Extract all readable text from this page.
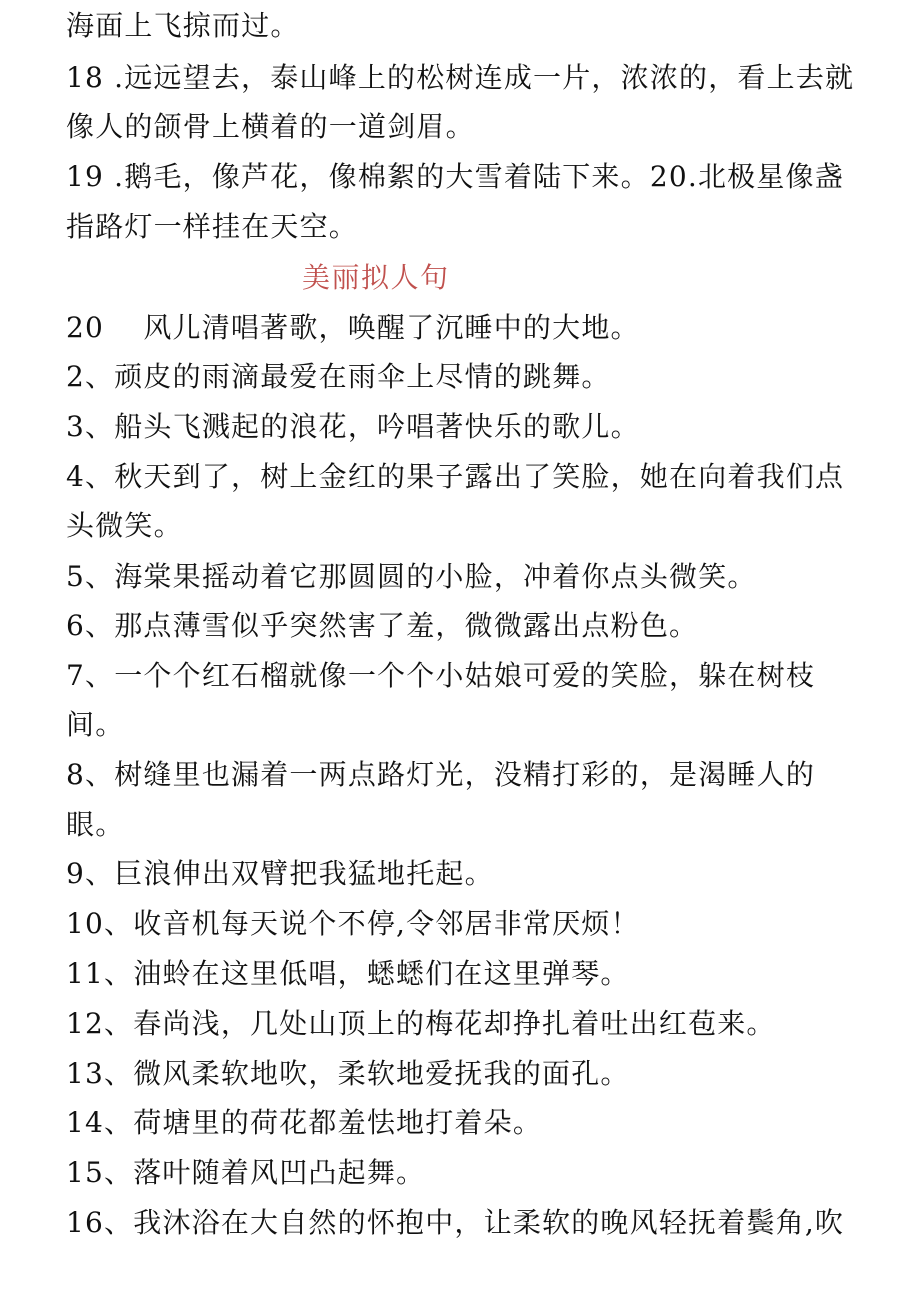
海面上飞掠而过。
18 .远远望去，泰山峰上的松树连成一片，浓浓的，看上去就
像人的颌骨上横着的一道剑眉。
19 .鹅毛，像芦花，像棉絮的大雪着陆下来。20.北极星像盏
指路灯一样挂在天空。
美丽拟人句
20　 风儿清唱著歌，唤醒了沉睡中的大地。
2、顽皮的雨滴最爱在雨伞上尽情的跳舞。
3、船头飞溅起的浪花，吟唱著快乐的歌儿。
4、秋天到了，树上金红的果子露出了笑脸，她在向着我们点
头微笑。
5、海棠果摇动着它那圆圆的小脸，冲着你点头微笑。
6、那点薄雪似乎突然害了羞，微微露出点粉色。
7、一个个红石榴就像一个个小姑娘可爱的笑脸，躲在树枝
间。
8、树缝里也漏着一两点路灯光，没精打彩的，是渴睡人的
眼。
9、巨浪伸出双臂把我猛地托起。
10、收音机每天说个不停,令邻居非常厌烦！
11、油蛉在这里低唱，蟋蟋们在这里弹琴。
12、春尚浅，几处山顶上的梅花却挣扎着吐出红苞来。
13、微风柔软地吹，柔软地爱抚我的面孔。
14、荷塘里的荷花都羞怯地打着朵。
15、落叶随着风凹凸起舞。
16、我沐浴在大自然的怀抱中，让柔软的晚风轻抚着鬓角,吹
